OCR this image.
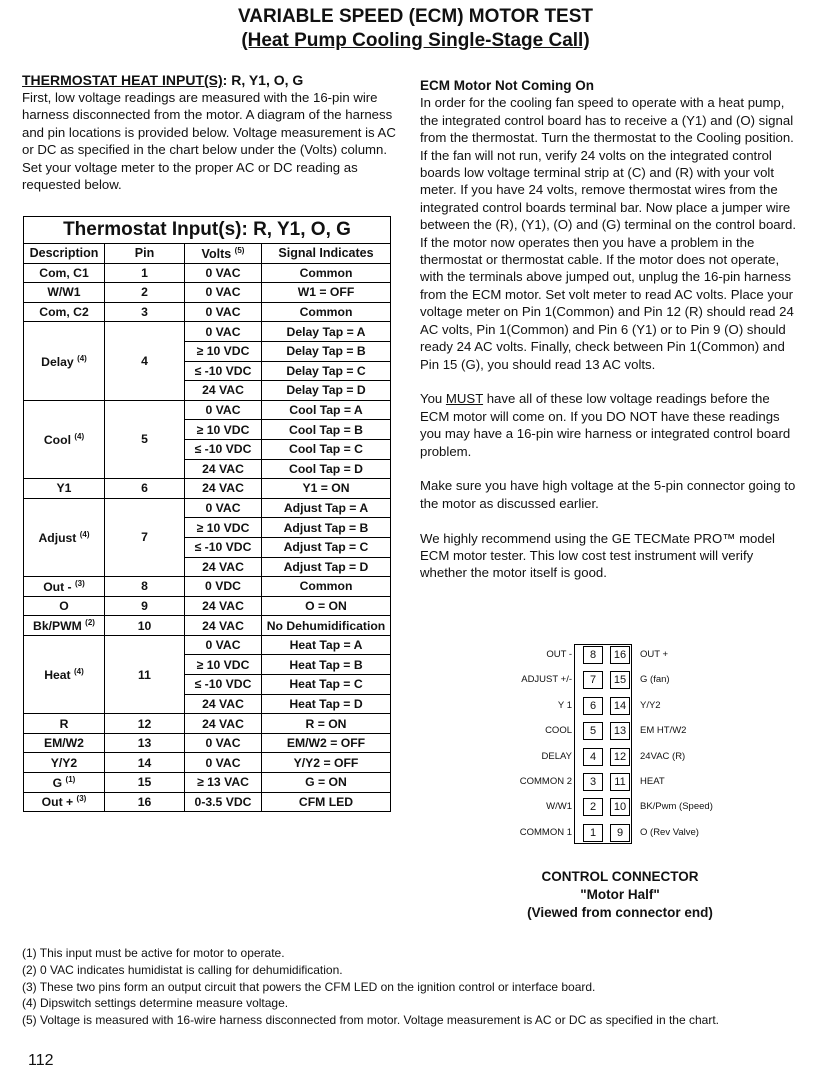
VARIABLE SPEED (ECM) MOTOR TEST
(Heat Pump Cooling Single-Stage Call)

THERMOSTAT HEAT INPUT(S): R, Y1, O, G

First, low voltage readings are measured with the 16-pin wire harness disconnected from the motor. A diagram of the harness and pin locations is provided below. Voltage measurement is AC or DC as specified in the chart below under the (Volts) column. Set your voltage meter to the proper AC or DC reading as requested below.

Thermostat Input(s): R, Y1, O, G			
Description	Pin	Volts $^{(5)}$	Signal Indicates
Com, C1	1	0 VAC	Common
W/W1	2	0 VAC	W1 = OFF
Com, C2	3	0 VAC	Common
Delay $^{(4)}$	4	0 VAC	Delay Tap = A
		≥ 10 VDC	Delay Tap = B
		≤ -10 VDC	Delay Tap = C
		24 VAC	Delay Tap = D
Cool $^{(4)}$	5	0 VAC	Cool Tap = A
		≥ 10 VDC	Cool Tap = B
		≤ -10 VDC	Cool Tap = C
		24 VAC	Cool Tap = D
Y1	6	24 VAC	Y1 = ON
Adjust $^{(4)}$	7	0 VAC	Adjust Tap = A
		≥ 10 VDC	Adjust Tap = B
		≤ -10 VDC	Adjust Tap = C
		24 VAC	Adjust Tap = D
Out - $^{(3)}$	8	0 VDC	Common
O	9	24 VAC	O = ON
Bk/PWM $^{(2)}$	10	24 VAC	No Dehumidification
Heat $^{(4)}$	11	0 VAC	Heat Tap = A
		≥ 10 VDC	Heat Tap = B
		≤ -10 VDC	Heat Tap = C
		24 VAC	Heat Tap = D
R	12	24 VAC	R = ON
EM/W2	13	0 VAC	EM/W2 = OFF
Y/Y2	14	0 VAC	Y/Y2 = OFF
G $^{(1)}$	15	≥ 13 VAC	G = ON
Out + $^{(3)}$	16	0-3.5 VDC	CFM LED

ECM Motor Not Coming On

In order for the cooling fan speed to operate with a heat pump, the integrated control board has to receive a (Y1) and (O) signal from the thermostat. Turn the thermostat to the Cooling position. If the fan will not run, verify 24 volts on the integrated control boards low voltage terminal strip at (C) and (R) with your volt meter. If you have 24 volts, remove thermostat wires from the integrated control boards terminal bar. Now place a jumper wire between the (R), (Y1), (O) and (G) terminal on the control board. If the motor now operates then you have a problem in the thermostat or thermostat cable. If the motor does not operate, with the terminals above jumped out, unplug the 16-pin harness from the ECM motor. Set volt meter to read AC volts. Place your voltage meter on Pin 1(Common) and Pin 12 (R) should read 24 AC volts, Pin 1(Common) and Pin 6 (Y1) or to Pin 9 (O) should ready 24 AC volts. Finally, check between Pin 1(Common) and Pin 15 (G), you should read 13 AC volts.

You MUST have all of these low voltage readings before the ECM motor will come on. If you DO NOT have these readings you may have a 16-pin wire harness or integrated control board problem.

Make sure you have high voltage at the 5-pin connector going to the motor as discussed earlier.

We highly recommend using the GE TECMate PRO™ model ECM motor tester. This low cost test instrument will verify whether the motor itself is good.

OUT -	8	16	OUT +
ADJUST +/-	7	15	G (fan)
Y 1	6	14	Y/Y2
COOL	5	13	EM HT/W2
DELAY	4	12	24VAC (R)
COMMON 2	3	11	HEAT
W/W1	2	10	BK/Pwm (Speed)
COMMON 1	1	9	O (Rev Valve)
CONTROL CONNECTOR
"Motor Half"
(Viewed from connector end)
(1) This input must be active for motor to operate.
(2) 0 VAC indicates humidistat is calling for dehumidification.
(3) These two pins form an output circuit that powers the CFM LED on the ignition control or interface board.
(4) Dipswitch settings determine measure voltage.
(5) Voltage is measured with 16-wire harness disconnected from motor. Voltage measurement is AC or DC as specified in the chart.
112
